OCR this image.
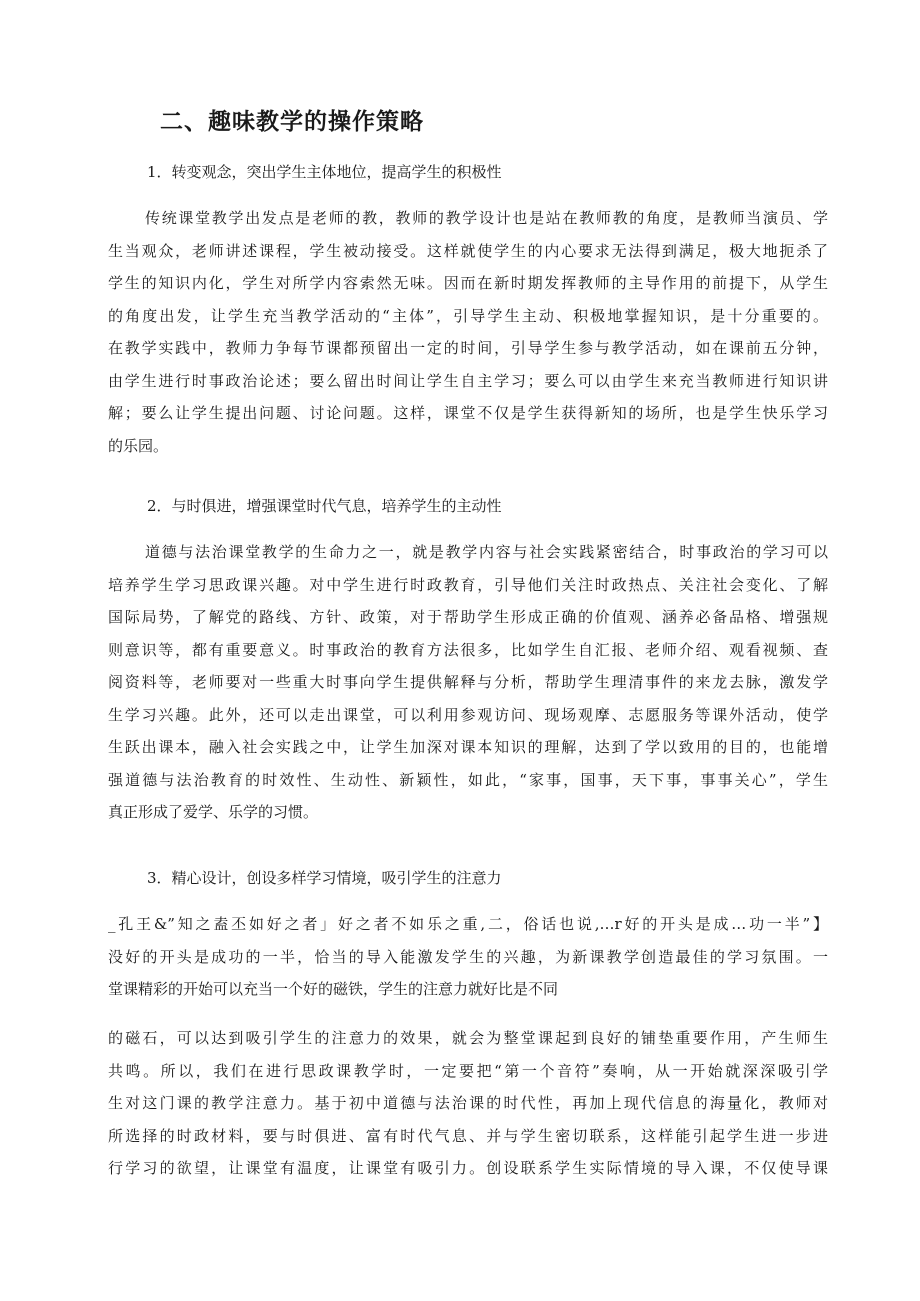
二、趣味教学的操作策略
1．转变观念，突出学生主体地位，提高学生的积极性
传统课堂教学出发点是老师的教，教师的教学设计也是站在教师教的角度，是教师当演员、学
生当观众，老师讲述课程，学生被动接受。这样就使学生的内心要求无法得到满足，极大地扼杀了
学生的知识内化，学生对所学内容索然无味。因而在新时期发挥教师的主导作用的前提下，从学生
的角度出发，让学生充当教学活动的“主体”，引导学生主动、积极地掌握知识，是十分重要的。
在教学实践中，教师力争每节课都预留出一定的时间，引导学生参与教学活动，如在课前五分钟，
由学生进行时事政治论述；要么留出时间让学生自主学习；要么可以由学生来充当教师进行知识讲
解；要么让学生提出问题、讨论问题。这样，课堂不仅是学生获得新知的场所，也是学生快乐学习
的乐园。
2．与时俱进，增强课堂时代气息，培养学生的主动性
道德与法治课堂教学的生命力之一，就是教学内容与社会实践紧密结合，时事政治的学习可以
培养学生学习思政课兴趣。对中学生进行时政教育，引导他们关注时政热点、关注社会变化、了解
国际局势，了解党的路线、方针、政策，对于帮助学生形成正确的价值观、涵养必备品格、增强规
则意识等，都有重要意义。时事政治的教育方法很多，比如学生自汇报、老师介绍、观看视频、查
阅资料等，老师要对一些重大时事向学生提供解释与分析，帮助学生理清事件的来龙去脉，激发学
生学习兴趣。此外，还可以走出课堂，可以利用参观访问、现场观摩、志愿服务等课外活动，使学
生跃出课本，融入社会实践之中，让学生加深对课本知识的理解，达到了学以致用的目的，也能增
强道德与法治教育的时效性、生动性、新颖性，如此，“家事，国事，天下事，事事关心”，学生
真正形成了爱学、乐学的习惯。
3．精心设计，创设多样学习情境，吸引学生的注意力
_孔王&”知之盍丕如好之者」好之者不如乐之重,二，俗话也说,…r好的开头是成…功一半”】
没好的开头是成功的一半，恰当的导入能激发学生的兴趣，为新课教学创造最佳的学习氛围。一
堂课精彩的开始可以充当一个好的磁铁，学生的注意力就好比是不同
的磁石，可以达到吸引学生的注意力的效果，就会为整堂课起到良好的铺垫重要作用，产生师生
共鸣。所以，我们在进行思政课教学时，一定要把“第一个音符”奏响，从一开始就深深吸引学
生对这门课的教学注意力。基于初中道德与法治课的时代性，再加上现代信息的海量化，教师对
所选择的时政材料，要与时俱进、富有时代气息、并与学生密切联系，这样能引起学生进一步进
行学习的欲望，让课堂有温度，让课堂有吸引力。创设联系学生实际情境的导入课，不仅使导课
